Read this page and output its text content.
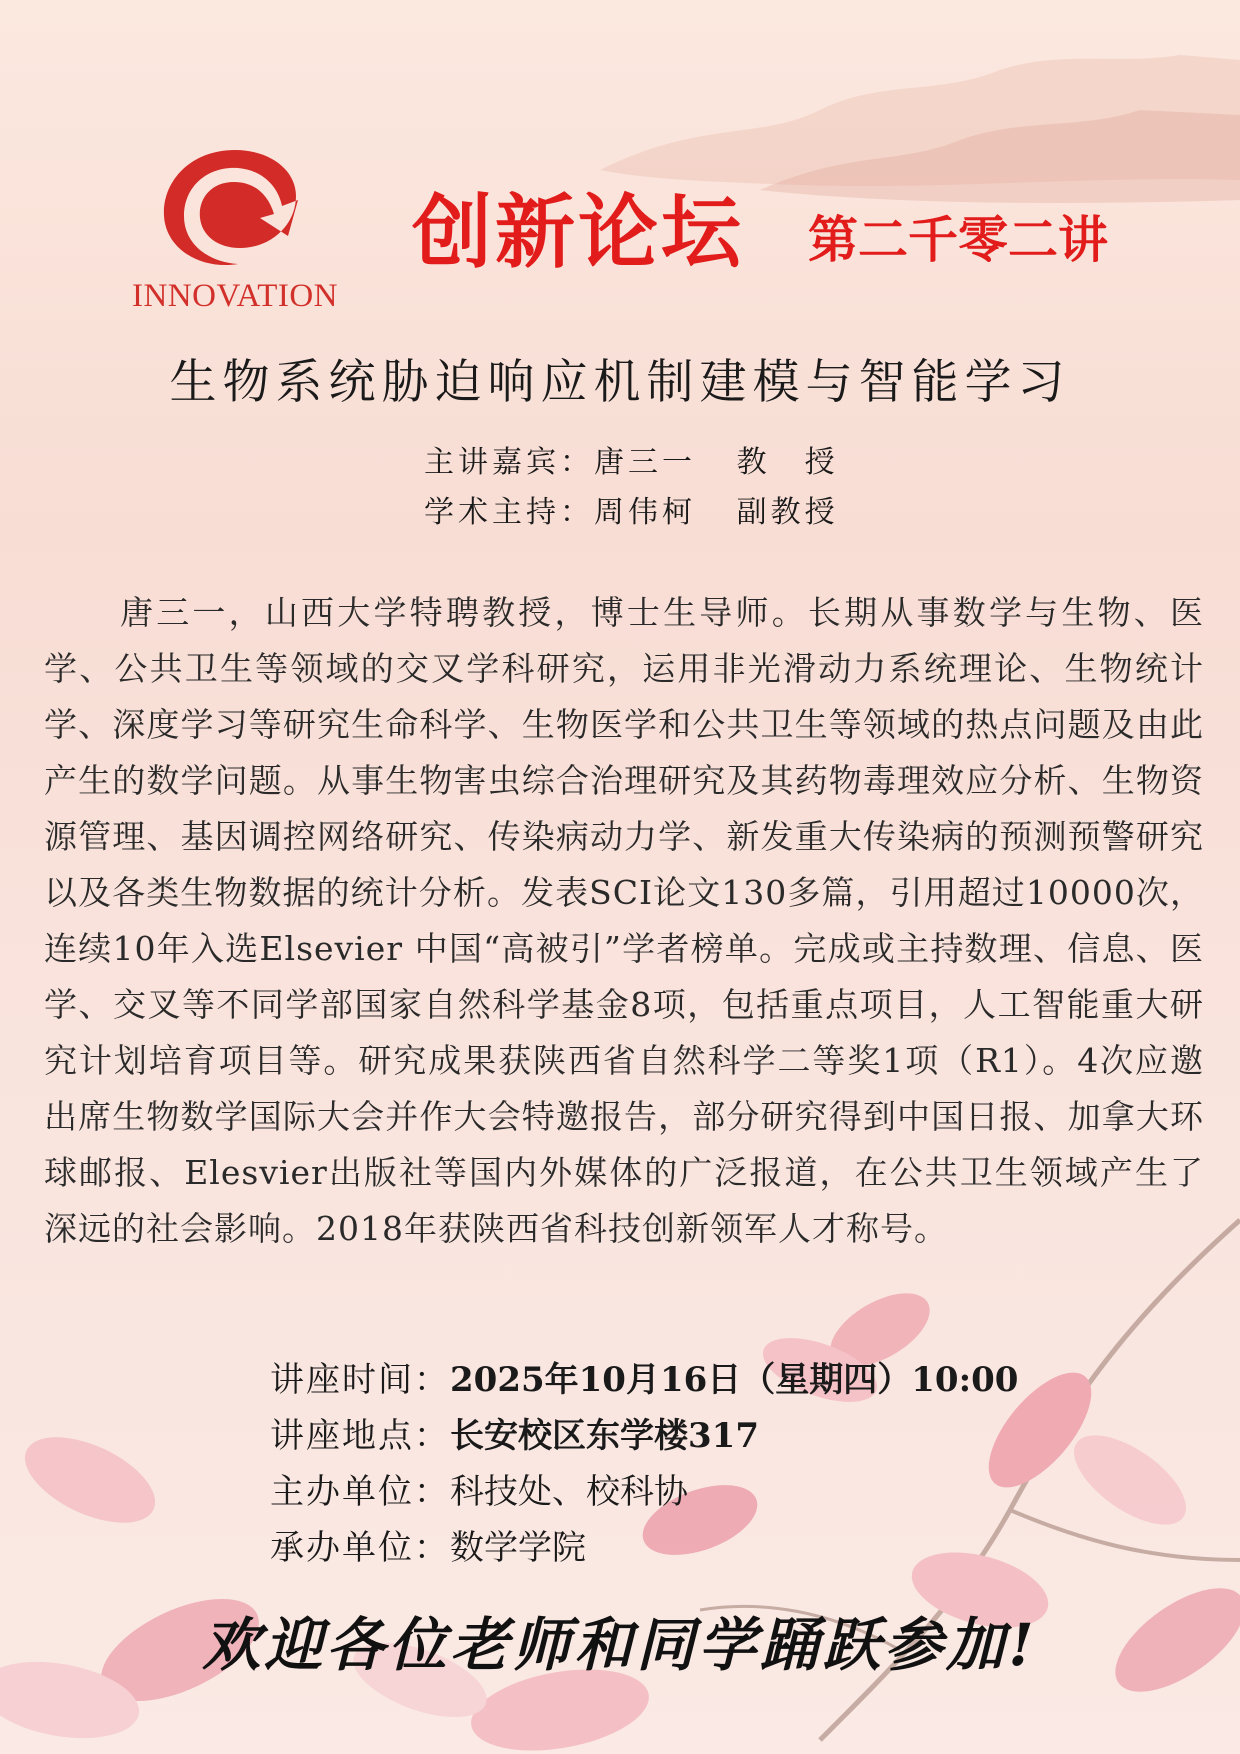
INNOVATION
创新论坛 第二千零二讲
生物系统胁迫响应机制建模与智能学习
主讲嘉宾：唐三一 教　授
学术主持：周伟柯 副教授
唐三一，山西大学特聘教授，博士生导师。长期从事数学与生物、医学、公共卫生等领域的交叉学科研究，运用非光滑动力系统理论、生物统计学、深度学习等研究生命科学、生物医学和公共卫生等领域的热点问题及由此产生的数学问题。从事生物害虫综合治理研究及其药物毒理效应分析、生物资源管理、基因调控网络研究、传染病动力学、新发重大传染病的预测预警研究以及各类生物数据的统计分析。发表SCI论文130多篇，引用超过10000次，连续10年入选Elsevier 中国“高被引”学者榜单。完成或主持数理、信息、医学、交叉等不同学部国家自然科学基金8项，包括重点项目，人工智能重大研究计划培育项目等。研究成果获陕西省自然科学二等奖1项（R1）。4次应邀出席生物数学国际大会并作大会特邀报告，部分研究得到中国日报、加拿大环球邮报、Elesvier出版社等国内外媒体的广泛报道，在公共卫生领域产生了深远的社会影响。2018年获陕西省科技创新领军人才称号。
讲座时间：2025年10月16日（星期四）10:00
讲座地点：长安校区东学楼317
主办单位：科技处、校科协
承办单位：数学学院
欢迎各位老师和同学踊跃参加!
